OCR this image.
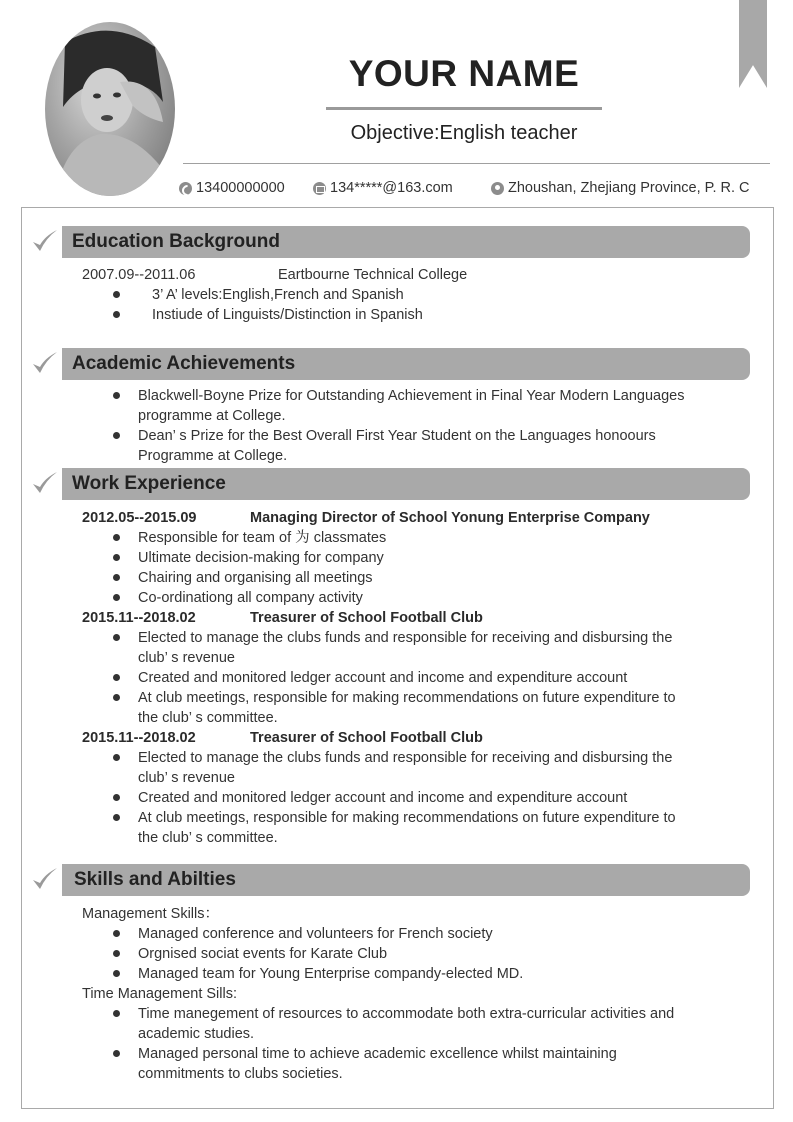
YOUR NAME
Objective:English teacher
13400000000	134*****@163.com	Zhoushan, Zhejiang Province, P. R. C
Education Background
2007.09--2011.06	Eartbourne Technical College
3’ A’ levels:English,French and Spanish
Instiude of Linguists/Distinction in Spanish
Academic Achievements
Blackwell-Boyne Prize for Outstanding Achievement in Final Year Modern Languages
programme at College.
Dean’ s Prize for the Best Overall First Year Student on the Languages honoours
Programme at College.
Work Experience
2012.05--2015.09	Managing Director of School Yonung Enterprise Company
Responsible for team of 为 classmates
Ultimate decision-making for company
Chairing and organising all meetings
Co-ordinationg all company activity
2015.11--2018.02	Treasurer of School Football Club
Elected to manage the clubs funds and responsible for receiving and disbursing the
club’ s revenue
Created and monitored ledger account and income and expenditure account
At club meetings, responsible for making recommendations on future expenditure to
the club’ s committee.
2015.11--2018.02	Treasurer of School Football Club
Elected to manage the clubs funds and responsible for receiving and disbursing the
club’ s revenue
Created and monitored ledger account and income and expenditure account
At club meetings, responsible for making recommendations on future expenditure to
the club’ s committee.
Skills and Abilties
Management Skills：
Managed conference and volunteers for French society
Orgnised sociat events for Karate Club
Managed team for Young Enterprise compandy-elected MD.
Time Management Sills:
Time manegement of resources to accommodate both extra-curricular activities and
academic studies.
Managed personal time to achieve academic excellence whilst maintaining
commitments to clubs societies.
